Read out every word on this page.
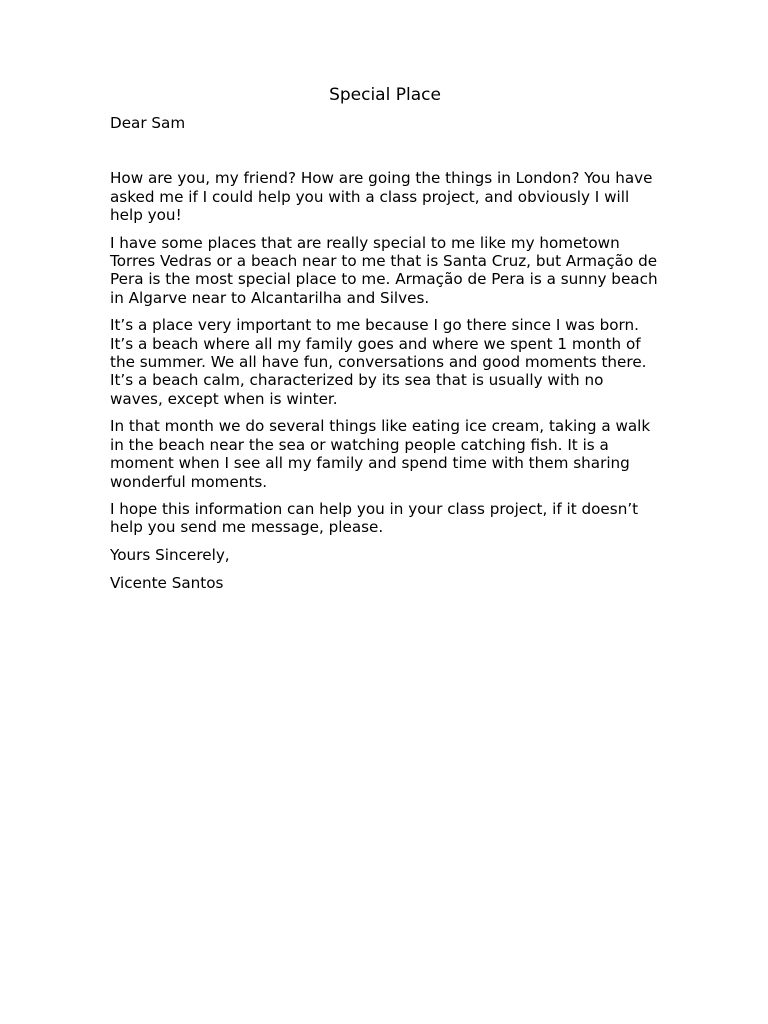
Special Place

Dear Sam

How are you, my friend? How are going the things in London? You have asked me if I could help you with a class project, and obviously I will help you!

I have some places that are really special to me like my hometown Torres Vedras or a beach near to me that is Santa Cruz, but Armação de Pera is the most special place to me. Armação de Pera is a sunny beach in Algarve near to Alcantarilha and Silves.

It’s a place very important to me because I go there since I was born. It’s a beach where all my family goes and where we spent 1 month of the summer. We all have fun, conversations and good moments there. It’s a beach calm, characterized by its sea that is usually with no waves, except when is winter.

In that month we do several things like eating ice cream, taking a walk in the beach near the sea or watching people catching fish. It is a moment when I see all my family and spend time with them sharing wonderful moments.

I hope this information can help you in your class project, if it doesn’t help you send me message, please.

Yours Sincerely,

Vicente Santos
